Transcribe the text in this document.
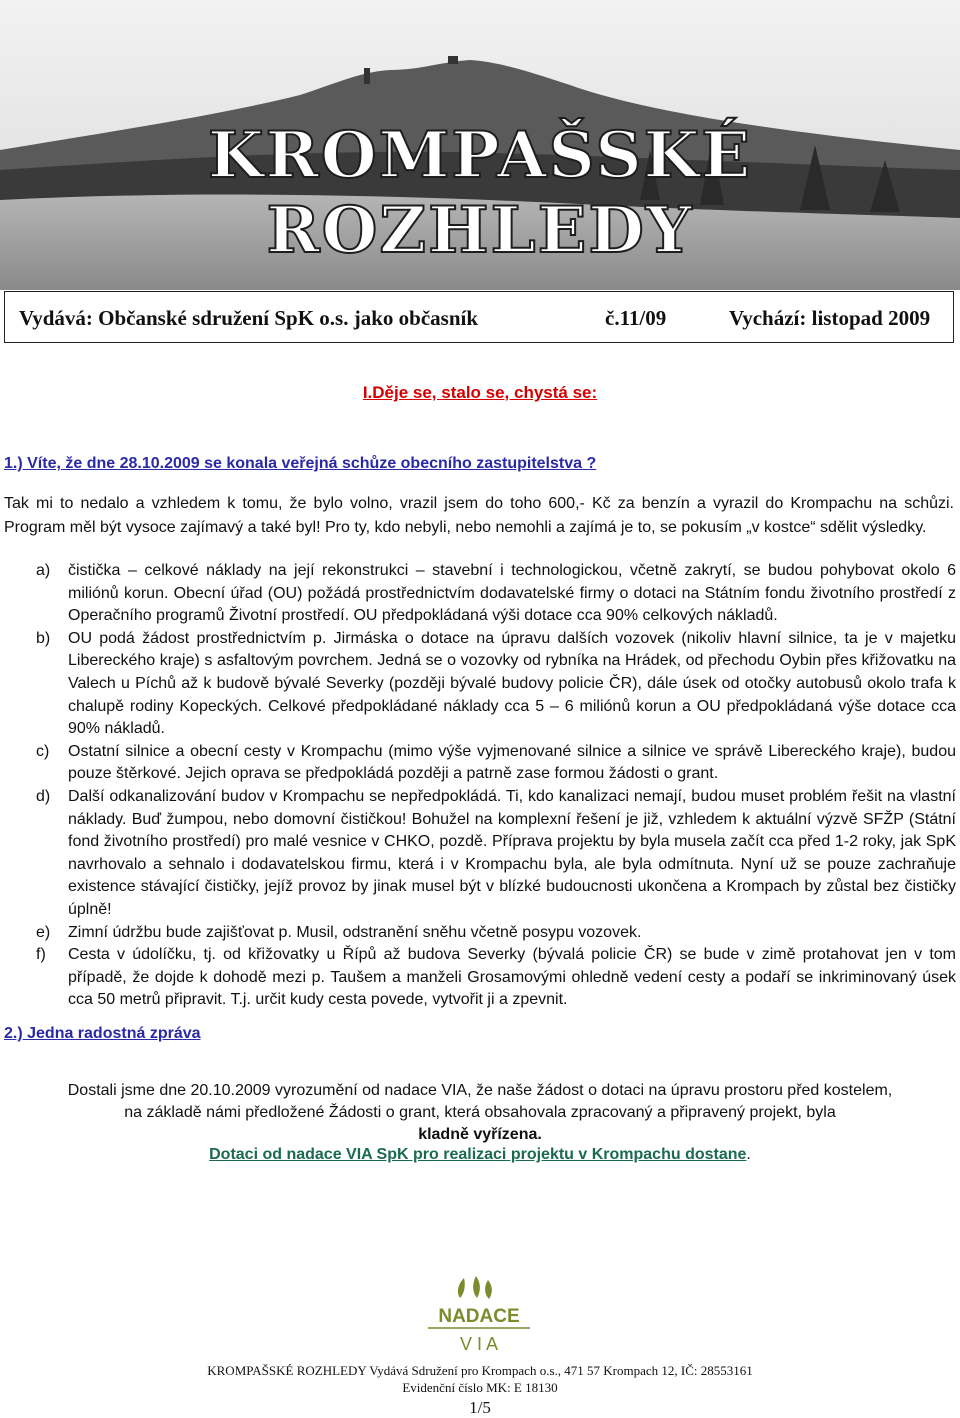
KROMPAŠSKÉ ROZHLEDY
Vydává: Občanské sdružení SpK o.s. jako občasník	č.11/09	Vychází: listopad 2009
I.Děje se, stalo se, chystá se:
1.) Víte, že dne 28.10.2009 se konala veřejná schůze obecního zastupitelstva ?
Tak mi to nedalo a vzhledem k tomu, že bylo volno, vrazil jsem do toho 600,- Kč za benzín a vyrazil do Krompachu na schůzi. Program měl být vysoce zajímavý a také byl! Pro ty, kdo nebyli, nebo nemohli a zajímá je to, se pokusím „v kostce“ sdělit výsledky.
a) čistička – celkové náklady na její rekonstrukci – stavební i technologickou, včetně zakrytí, se budou pohybovat okolo 6 miliónů korun. Obecní úřad (OU) požádá prostřednictvím dodavatelské firmy o dotaci na Státním fondu životního prostředí z Operačního programů Životní prostředí. OU předpokládaná výši dotace cca 90% celkových nákladů.
b) OU podá žádost prostřednictvím p. Jirmáska o dotace na úpravu dalších vozovek (nikoliv hlavní silnice, ta je v majetku Libereckého kraje) s asfaltovým povrchem. Jedná se o vozovky od rybníka na Hrádek, od přechodu Oybin přes křižovatku na Valech u Píchů až k budově bývalé Severky (později bývalé budovy policie ČR), dále úsek od otočky autobusů okolo trafa k chalupě rodiny Kopeckých. Celkové předpokládané náklady cca 5 – 6 miliónů korun a OU předpokládaná výše dotace cca 90% nákladů.
c) Ostatní silnice a obecní cesty v Krompachu (mimo výše vyjmenované silnice a silnice ve správě Libereckého kraje), budou pouze štěrkové. Jejich oprava se předpokládá později a patrně zase formou žádosti o grant.
d) Další odkanalizování budov v Krompachu se nepředpokládá. Ti, kdo kanalizaci nemají, budou muset problém řešit na vlastní náklady. Buď žumpou, nebo domovní čističkou! Bohužel na komplexní řešení je již, vzhledem k aktuální výzvě SFŽP (Státní fond životního prostředí) pro malé vesnice v CHKO, pozdě. Příprava projektu by byla musela začít cca před 1-2 roky, jak SpK navrhovalo a sehnalo i dodavatelskou firmu, která i v Krompachu byla, ale byla odmítnuta. Nyní už se pouze zachraňuje existence stávající čističky, jejíž provoz by jinak musel být v blízké budoucnosti ukončena a Krompach by zůstal bez čističky úplně!
e) Zimní údržbu bude zajišťovat p. Musil, odstranění sněhu včetně posypu vozovek.
f) Cesta v údolíčku, tj. od křižovatky u Řípů až budova Severky (bývalá policie ČR) se bude v zimě protahovat jen v tom případě, že dojde k dohodě mezi p. Taušem a manželi Grosamovými ohledně vedení cesty a podaří se inkriminovaný úsek cca 50 metrů připravit. T.j. určit kudy cesta povede, vytvořit ji a zpevnit.
2.) Jedna radostná zpráva
Dostali jsme dne 20.10.2009 vyrozumění od nadace VIA, že naše žádost o dotaci na úpravu prostoru před kostelem,
na základě námi předložené Žádosti o grant, která obsahovala zpracovaný a připravený projekt, byla
kladně vyřízena.
Dotaci od nadace VIA SpK pro realizaci projektu v Krompachu dostane.
NADACE
V I A
KROMPAŠSKÉ ROZHLEDY Vydává Sdružení pro Krompach o.s., 471 57 Krompach 12, IČ: 28553161
Evidenční číslo MK: E 18130
1/5
